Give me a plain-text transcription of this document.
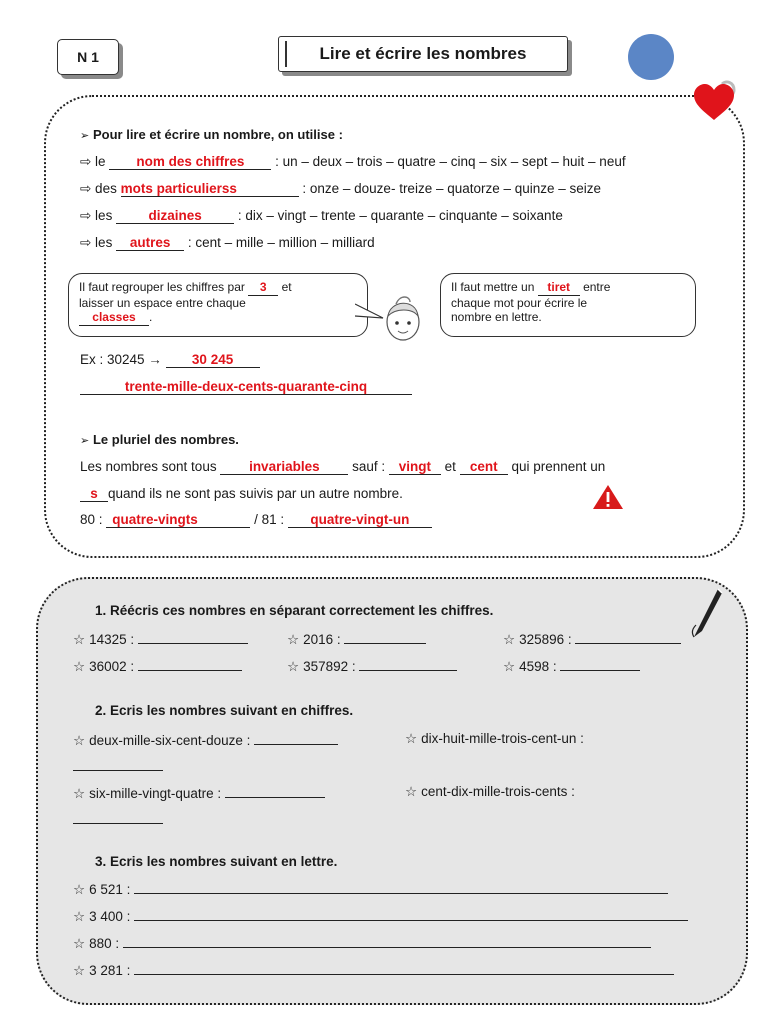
N 1	Lire et écrire les nombres
➢ Pour lire et écrire un nombre, on utilise :
⇨ le nom des chiffres : un – deux – trois – quatre – cinq – six – sept – huit – neuf
⇨ des mots particulierss	: onze – douze- treize – quatorze – quinze – seize
⇨ les	dizaines	: dix – vingt – trente – quarante – cinquante – soixante
⇨ les autres : cent – mille – million – milliard
Il faut regrouper les chiffres par 3 et
laisser un espace entre chaque
classes .
Il faut mettre un tiret entre
chaque mot pour écrire le
nombre en lettre.
Ex : 30245 → 30 245
trente-mille-deux-cents-quarante-cinq
➢ Le pluriel des nombres.
Les nombres sont tous invariables sauf : vingt et cent qui prennent un
s quand ils ne sont pas suivis par un autre nombre.
80 : quatre-vingts	/ 81 : quatre-vingt-un
1. Réécris ces nombres en séparant correctement les chiffres.
☆ 14325 :	☆ 2016 :	☆ 325896 :
☆ 36002 :	☆ 357892 :	☆ 4598 :
2. Ecris les nombres suivant en chiffres.
☆ deux-mille-six-cent-douze :	☆ dix-huit-mille-trois-cent-un :
☆ six-mille-vingt-quatre :	☆ cent-dix-mille-trois-cents :
3. Ecris les nombres suivant en lettre.
☆ 6 521 :
☆ 3 400 :
☆ 880 :
☆ 3 281 :
